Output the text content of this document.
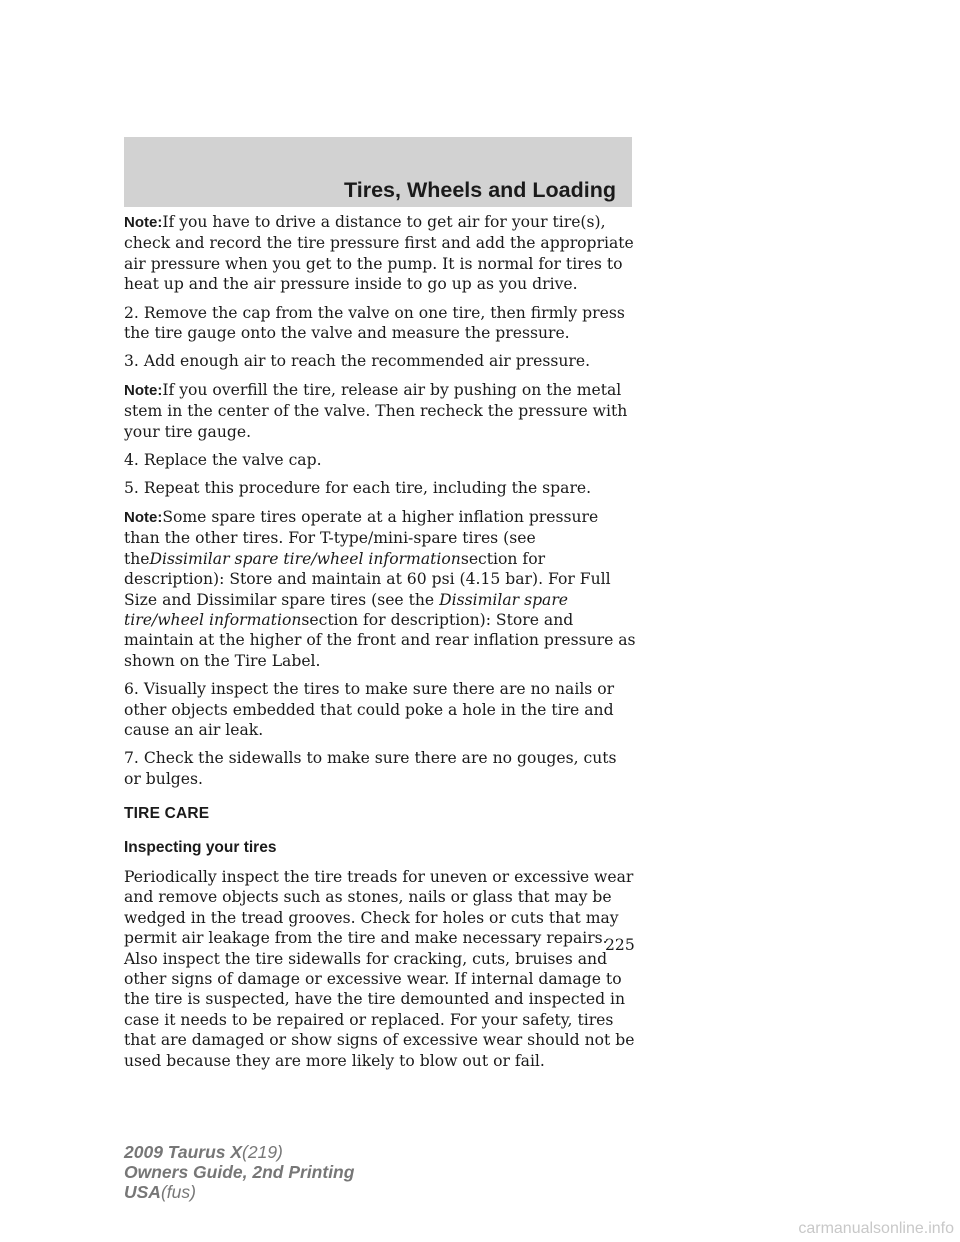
Tires, Wheels and Loading

Note:If you have to drive a distance to get air for your tire(s), check and record the tire pressure first and add the appropriate air pressure when you get to the pump. It is normal for tires to heat up and the air pressure inside to go up as you drive.

2. Remove the cap from the valve on one tire, then firmly press the tire gauge onto the valve and measure the pressure.

3. Add enough air to reach the recommended air pressure.

Note:If you overfill the tire, release air by pushing on the metal stem in the center of the valve. Then recheck the pressure with your tire gauge.

4. Replace the valve cap.

5. Repeat this procedure for each tire, including the spare.

Note:Some spare tires operate at a higher inflation pressure than the other tires. For T-type/mini-spare tires (see theDissimilar spare tire/wheel informationsection for description): Store and maintain at 60 psi (4.15 bar). For Full Size and Dissimilar spare tires (see the Dissimilar spare tire/wheel informationsection for description): Store and maintain at the higher of the front and rear inflation pressure as shown on the Tire Label.

6. Visually inspect the tires to make sure there are no nails or other objects embedded that could poke a hole in the tire and cause an air leak.

7. Check the sidewalls to make sure there are no gouges, cuts or bulges.

TIRE CARE
Inspecting your tires

Periodically inspect the tire treads for uneven or excessive wear and remove objects such as stones, nails or glass that may be wedged in the tread grooves. Check for holes or cuts that may permit air leakage from the tire and make necessary repairs. Also inspect the tire sidewalls for cracking, cuts, bruises and other signs of damage or excessive wear. If internal damage to the tire is suspected, have the tire demounted and inspected in case it needs to be repaired or replaced. For your safety, tires that are damaged or show signs of excessive wear should not be used because they are more likely to blow out or fail.

225
2009 Taurus X(219)
Owners Guide, 2nd Printing
USA(fus)
carmanualsonline.info
